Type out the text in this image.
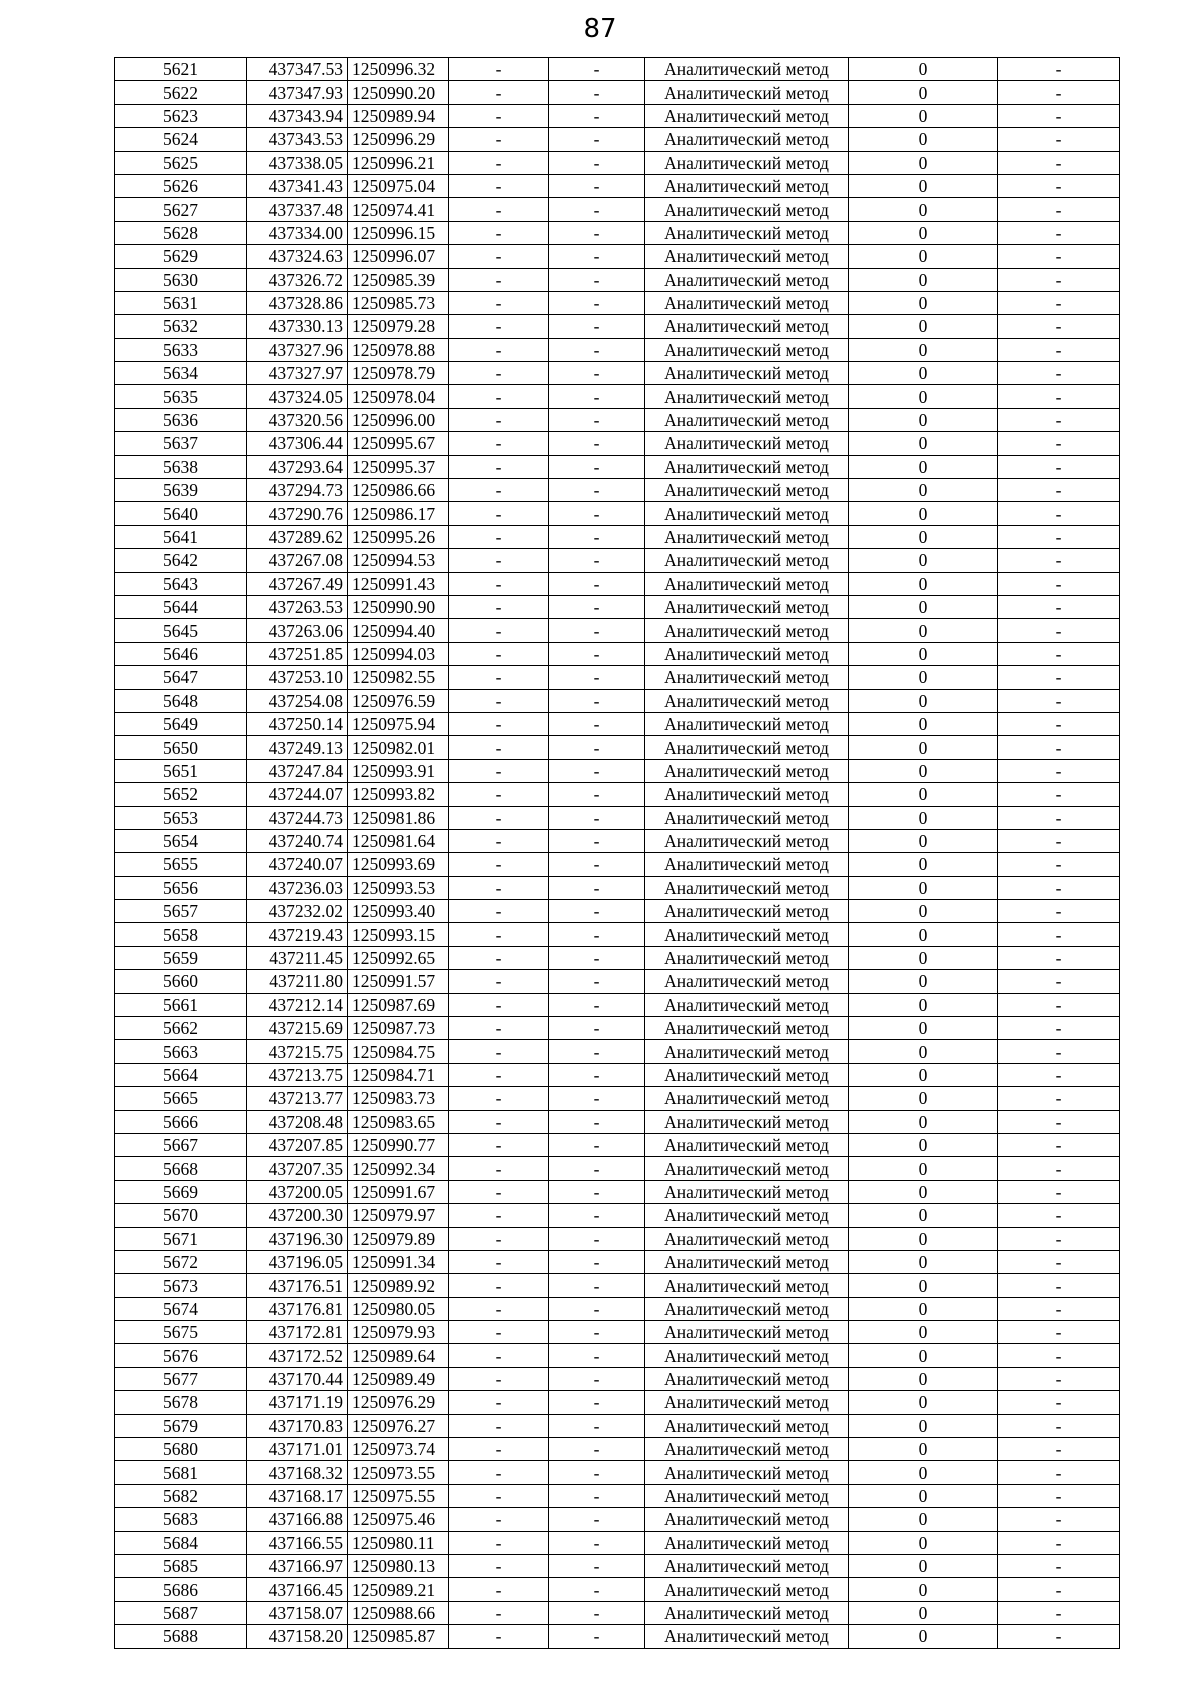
87
5621	437347.53	1250996.32	-	-	Аналитический метод	0	-
5622	437347.93	1250990.20	-	-	Аналитический метод	0	-
5623	437343.94	1250989.94	-	-	Аналитический метод	0	-
5624	437343.53	1250996.29	-	-	Аналитический метод	0	-
5625	437338.05	1250996.21	-	-	Аналитический метод	0	-
5626	437341.43	1250975.04	-	-	Аналитический метод	0	-
5627	437337.48	1250974.41	-	-	Аналитический метод	0	-
5628	437334.00	1250996.15	-	-	Аналитический метод	0	-
5629	437324.63	1250996.07	-	-	Аналитический метод	0	-
5630	437326.72	1250985.39	-	-	Аналитический метод	0	-
5631	437328.86	1250985.73	-	-	Аналитический метод	0	-
5632	437330.13	1250979.28	-	-	Аналитический метод	0	-
5633	437327.96	1250978.88	-	-	Аналитический метод	0	-
5634	437327.97	1250978.79	-	-	Аналитический метод	0	-
5635	437324.05	1250978.04	-	-	Аналитический метод	0	-
5636	437320.56	1250996.00	-	-	Аналитический метод	0	-
5637	437306.44	1250995.67	-	-	Аналитический метод	0	-
5638	437293.64	1250995.37	-	-	Аналитический метод	0	-
5639	437294.73	1250986.66	-	-	Аналитический метод	0	-
5640	437290.76	1250986.17	-	-	Аналитический метод	0	-
5641	437289.62	1250995.26	-	-	Аналитический метод	0	-
5642	437267.08	1250994.53	-	-	Аналитический метод	0	-
5643	437267.49	1250991.43	-	-	Аналитический метод	0	-
5644	437263.53	1250990.90	-	-	Аналитический метод	0	-
5645	437263.06	1250994.40	-	-	Аналитический метод	0	-
5646	437251.85	1250994.03	-	-	Аналитический метод	0	-
5647	437253.10	1250982.55	-	-	Аналитический метод	0	-
5648	437254.08	1250976.59	-	-	Аналитический метод	0	-
5649	437250.14	1250975.94	-	-	Аналитический метод	0	-
5650	437249.13	1250982.01	-	-	Аналитический метод	0	-
5651	437247.84	1250993.91	-	-	Аналитический метод	0	-
5652	437244.07	1250993.82	-	-	Аналитический метод	0	-
5653	437244.73	1250981.86	-	-	Аналитический метод	0	-
5654	437240.74	1250981.64	-	-	Аналитический метод	0	-
5655	437240.07	1250993.69	-	-	Аналитический метод	0	-
5656	437236.03	1250993.53	-	-	Аналитический метод	0	-
5657	437232.02	1250993.40	-	-	Аналитический метод	0	-
5658	437219.43	1250993.15	-	-	Аналитический метод	0	-
5659	437211.45	1250992.65	-	-	Аналитический метод	0	-
5660	437211.80	1250991.57	-	-	Аналитический метод	0	-
5661	437212.14	1250987.69	-	-	Аналитический метод	0	-
5662	437215.69	1250987.73	-	-	Аналитический метод	0	-
5663	437215.75	1250984.75	-	-	Аналитический метод	0	-
5664	437213.75	1250984.71	-	-	Аналитический метод	0	-
5665	437213.77	1250983.73	-	-	Аналитический метод	0	-
5666	437208.48	1250983.65	-	-	Аналитический метод	0	-
5667	437207.85	1250990.77	-	-	Аналитический метод	0	-
5668	437207.35	1250992.34	-	-	Аналитический метод	0	-
5669	437200.05	1250991.67	-	-	Аналитический метод	0	-
5670	437200.30	1250979.97	-	-	Аналитический метод	0	-
5671	437196.30	1250979.89	-	-	Аналитический метод	0	-
5672	437196.05	1250991.34	-	-	Аналитический метод	0	-
5673	437176.51	1250989.92	-	-	Аналитический метод	0	-
5674	437176.81	1250980.05	-	-	Аналитический метод	0	-
5675	437172.81	1250979.93	-	-	Аналитический метод	0	-
5676	437172.52	1250989.64	-	-	Аналитический метод	0	-
5677	437170.44	1250989.49	-	-	Аналитический метод	0	-
5678	437171.19	1250976.29	-	-	Аналитический метод	0	-
5679	437170.83	1250976.27	-	-	Аналитический метод	0	-
5680	437171.01	1250973.74	-	-	Аналитический метод	0	-
5681	437168.32	1250973.55	-	-	Аналитический метод	0	-
5682	437168.17	1250975.55	-	-	Аналитический метод	0	-
5683	437166.88	1250975.46	-	-	Аналитический метод	0	-
5684	437166.55	1250980.11	-	-	Аналитический метод	0	-
5685	437166.97	1250980.13	-	-	Аналитический метод	0	-
5686	437166.45	1250989.21	-	-	Аналитический метод	0	-
5687	437158.07	1250988.66	-	-	Аналитический метод	0	-
5688	437158.20	1250985.87	-	-	Аналитический метод	0	-
